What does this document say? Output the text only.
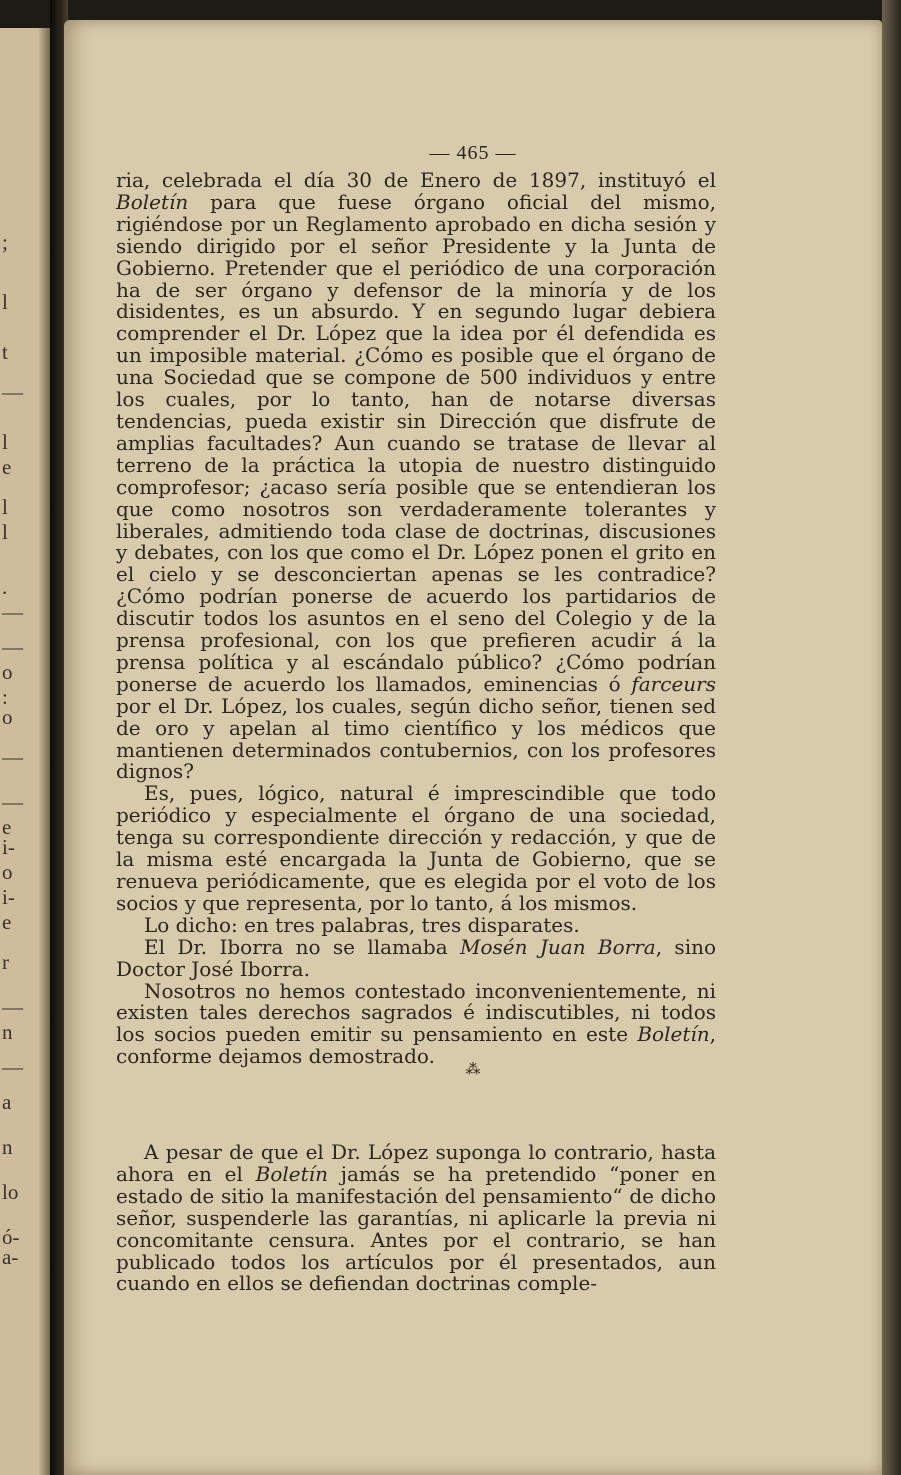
;
l
t
—
l
e
l
l
.
—
—
o
:
o
—
—
e
i-
o
i-
e
r
—
n
—
a
n
lo
ó-
a-
— 465 —

ria, celebrada el día 30 de Enero de 1897, instituyó el Boletín para que fuese órgano oficial del mismo, rigiéndose por un Reglamento aprobado en dicha sesión y siendo dirigido por el señor Presidente y la Junta de Gobierno. Pretender que el periódico de una corporación ha de ser órgano y defensor de la minoría y de los disidentes, es un absurdo. Y en segundo lugar debiera comprender el Dr. López que la idea por él defendida es un imposible material. ¿Cómo es posible que el órgano de una Sociedad que se compone de 500 individuos y entre los cuales, por lo tanto, han de notarse diversas tendencias, pueda existir sin Dirección que disfrute de amplias facultades? Aun cuando se tratase de llevar al terreno de la práctica la utopia de nuestro distinguido comprofesor; ¿acaso sería posible que se entendieran los que como nosotros son verdaderamente tolerantes y liberales, admitiendo toda clase de doctrinas, discusiones y debates, con los que como el Dr. López ponen el grito en el cielo y se desconciertan apenas se les contradice? ¿Cómo podrían ponerse de acuerdo los partidarios de discutir todos los asuntos en el seno del Colegio y de la prensa profesional, con los que prefieren acudir á la prensa política y al escándalo público? ¿Cómo podrían ponerse de acuerdo los llamados, eminencias ó farceurs por el Dr. López, los cuales, según dicho señor, tienen sed de oro y apelan al timo científico y los médicos que mantienen determinados contubernios, con los profesores dignos?

Es, pues, lógico, natural é imprescindible que todo periódico y especialmente el órgano de una sociedad, tenga su correspondiente dirección y redacción, y que de la misma esté encargada la Junta de Gobierno, que se renueva periódicamente, que es elegida por el voto de los socios y que representa, por lo tanto, á los mismos.

Lo dicho: en tres palabras, tres disparates.

El Dr. Iborra no se llamaba Mosén Juan Borra, sino Doctor José Iborra.

Nosotros no hemos contestado inconvenientemente, ni existen tales derechos sagrados é indiscutibles, ni todos los socios pueden emitir su pensamiento en este Boletín, conforme dejamos demostrado.

⁂

A pesar de que el Dr. López suponga lo contrario, hasta ahora en el Boletín jamás se ha pretendido “poner en estado de sitio la manifestación del pensamiento“ de dicho señor, suspenderle las garantías, ni aplicarle la previa ni concomitante censura. Antes por el contrario, se han publicado todos los artículos por él presentados, aun cuando en ellos se defiendan doctrinas comple-
